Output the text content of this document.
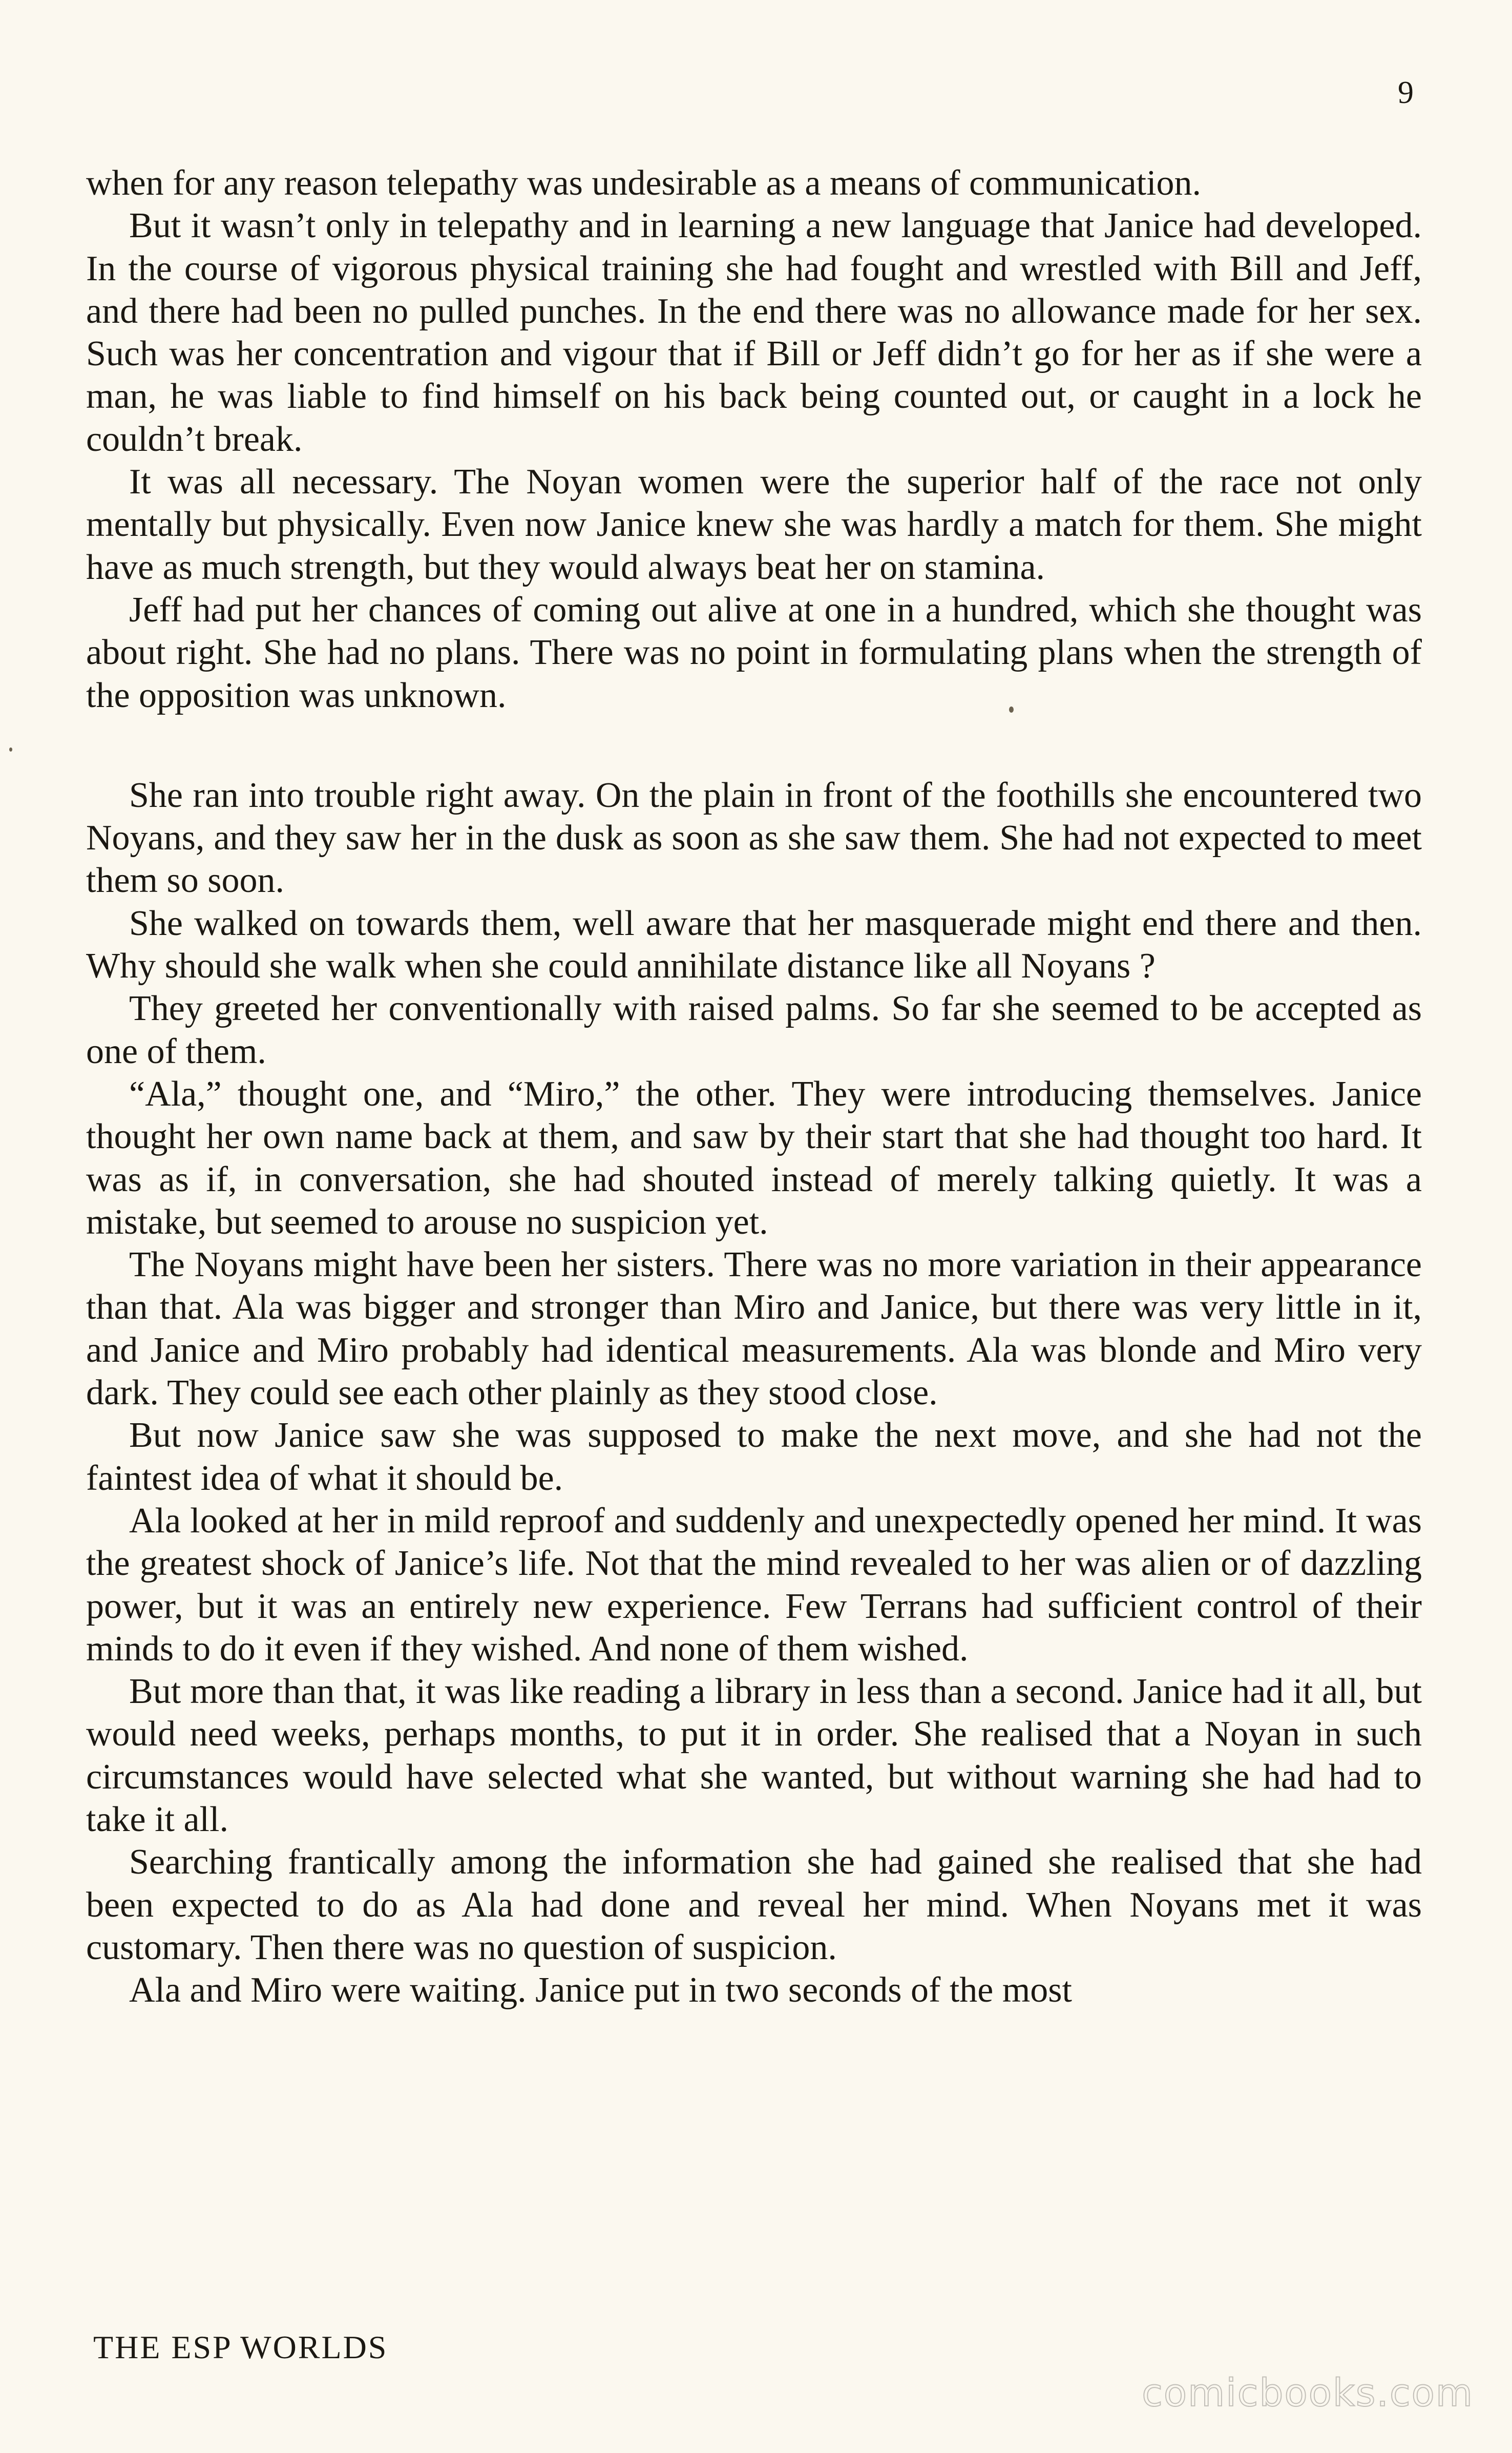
9

when for any reason telepathy was undesirable as a means of communication.

But it wasn’t only in telepathy and in learning a new language that Janice had developed. In the course of vigorous physical training she had fought and wrestled with Bill and Jeff, and there had been no pulled punches. In the end there was no allowance made for her sex. Such was her concentration and vigour that if Bill or Jeff didn’t go for her as if she were a man, he was liable to find himself on his back being counted out, or caught in a lock he couldn’t break.

It was all necessary. The Noyan women were the superior half of the race not only mentally but physically. Even now Janice knew she was hardly a match for them. She might have as much strength, but they would always beat her on stamina.

Jeff had put her chances of coming out alive at one in a hundred, which she thought was about right. She had no plans. There was no point in formulating plans when the strength of the opposition was unknown.

She ran into trouble right away. On the plain in front of the foothills she encountered two Noyans, and they saw her in the dusk as soon as she saw them. She had not expected to meet them so soon.

She walked on towards them, well aware that her masquerade might end there and then. Why should she walk when she could annihilate distance like all Noyans ?

They greeted her conventionally with raised palms. So far she seemed to be accepted as one of them.

“Ala,” thought one, and “Miro,” the other. They were introducing themselves. Janice thought her own name back at them, and saw by their start that she had thought too hard. It was as if, in conversation, she had shouted instead of merely talking quietly. It was a mistake, but seemed to arouse no suspicion yet.

The Noyans might have been her sisters. There was no more variation in their appearance than that. Ala was bigger and stronger than Miro and Janice, but there was very little in it, and Janice and Miro probably had identical measurements. Ala was blonde and Miro very dark. They could see each other plainly as they stood close.

But now Janice saw she was supposed to make the next move, and she had not the faintest idea of what it should be.

Ala looked at her in mild reproof and suddenly and unexpectedly opened her mind. It was the greatest shock of Janice’s life. Not that the mind revealed to her was alien or of dazzling power, but it was an entirely new experience. Few Terrans had sufficient control of their minds to do it even if they wished. And none of them wished.

But more than that, it was like reading a library in less than a second. Janice had it all, but would need weeks, perhaps months, to put it in order. She realised that a Noyan in such circumstances would have selected what she wanted, but without warning she had had to take it all.

Searching frantically among the information she had gained she realised that she had been expected to do as Ala had done and reveal her mind. When Noyans met it was customary. Then there was no question of suspicion.

Ala and Miro were waiting. Janice put in two seconds of the most

THE ESP WORLDS
comicbooks.com
